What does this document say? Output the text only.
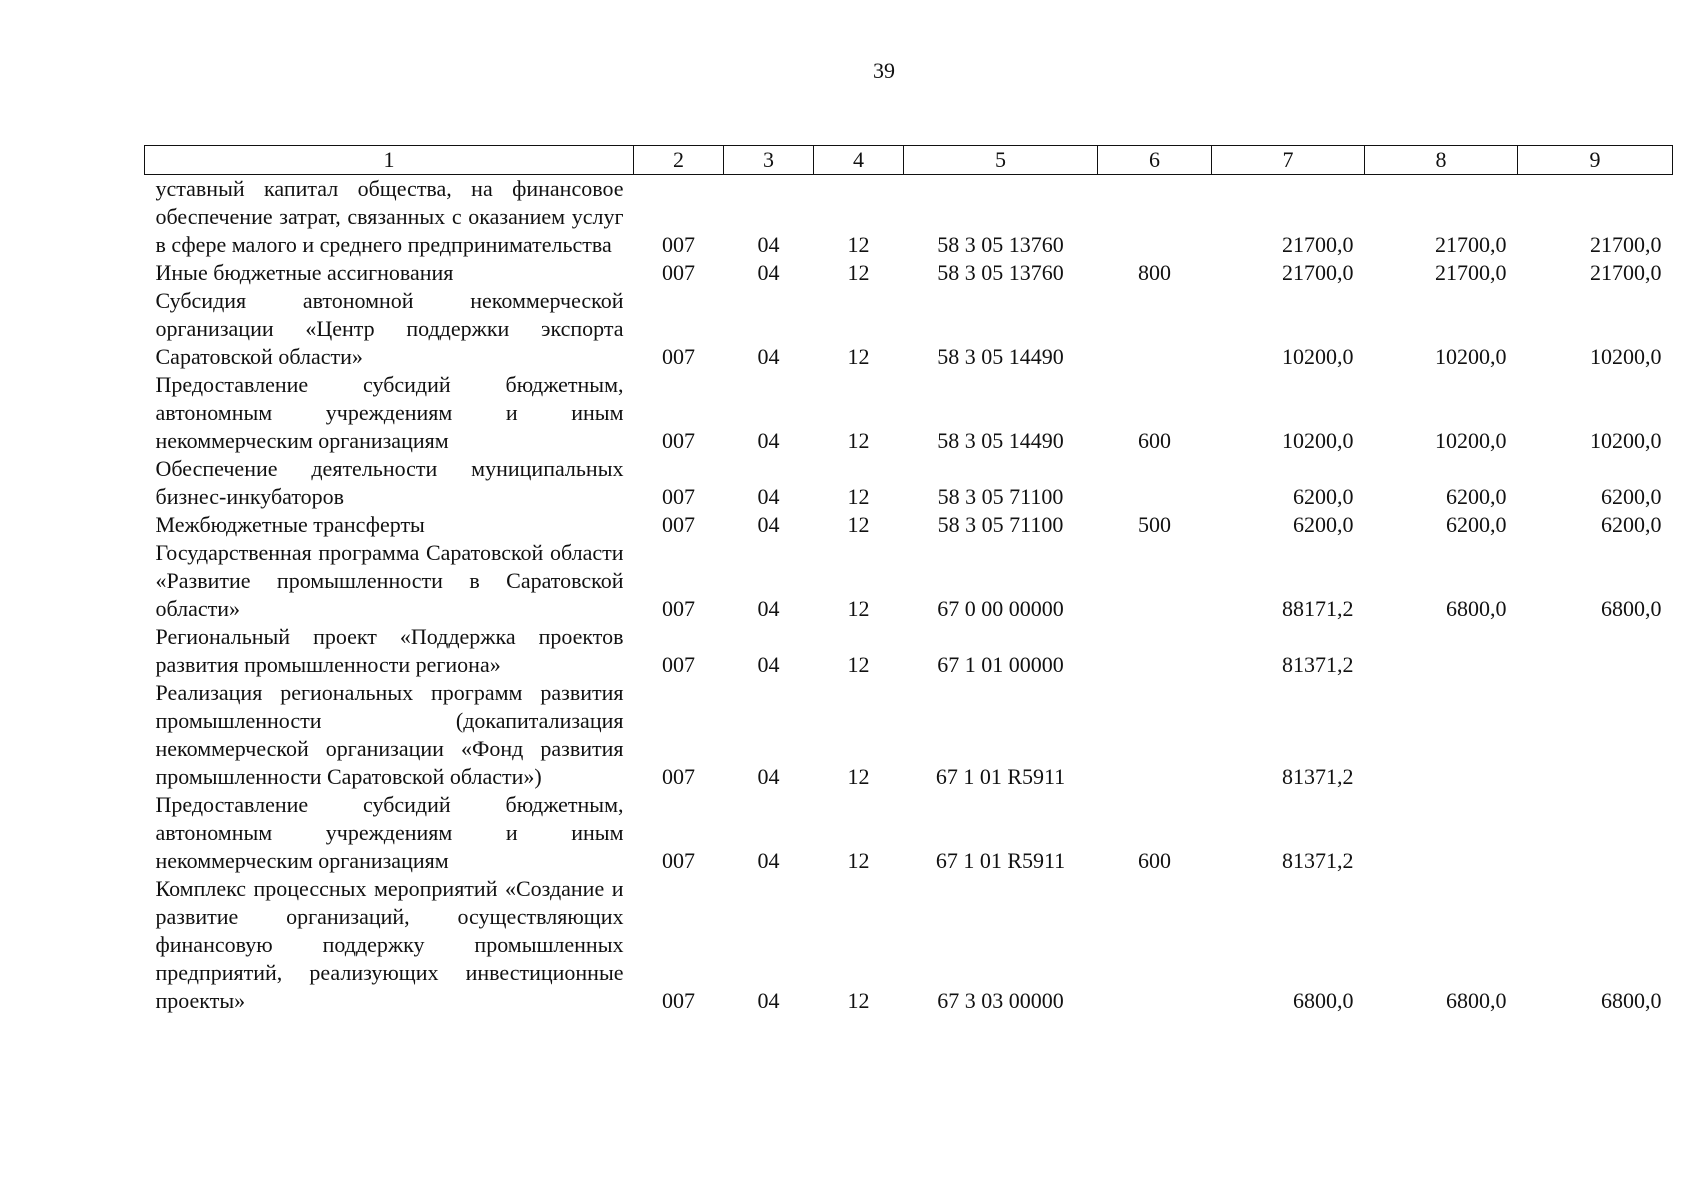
39
1	2	3	4	5	6	7	8	9
уставный капитал общества, на финансовое обеспечение затрат, связанных с оказанием услуг в сфере малого и среднего предпринимательства	007	04	12	58 3 05 13760		21700,0	21700,0	21700,0
Иные бюджетные ассигнования	007	04	12	58 3 05 13760	800	21700,0	21700,0	21700,0
Субсидия автономной некоммерческой организации «Центр поддержки экспорта Саратовской области»	007	04	12	58 3 05 14490		10200,0	10200,0	10200,0
Предоставление субсидий бюджетным, автономным учреждениям и иным некоммерческим организациям	007	04	12	58 3 05 14490	600	10200,0	10200,0	10200,0
Обеспечение деятельности муниципальных бизнес-инкубаторов	007	04	12	58 3 05 71100		6200,0	6200,0	6200,0
Межбюджетные трансферты	007	04	12	58 3 05 71100	500	6200,0	6200,0	6200,0
Государственная программа Саратовской области «Развитие промышленности в Саратовской области»	007	04	12	67 0 00 00000		88171,2	6800,0	6800,0
Региональный проект «Поддержка проектов развития промышленности региона»	007	04	12	67 1 01 00000		81371,2		
Реализация региональных программ развития промышленности (докапитализация некоммерческой организации «Фонд развития промышленности Саратовской области»)	007	04	12	67 1 01 R5911		81371,2		
Предоставление субсидий бюджетным, автономным учреждениям и иным некоммерческим организациям	007	04	12	67 1 01 R5911	600	81371,2		
Комплекс процессных мероприятий «Создание и развитие организаций, осуществляющих финансовую поддержку промышленных предприятий, реализующих инвестиционные проекты»	007	04	12	67 3 03 00000		6800,0	6800,0	6800,0
